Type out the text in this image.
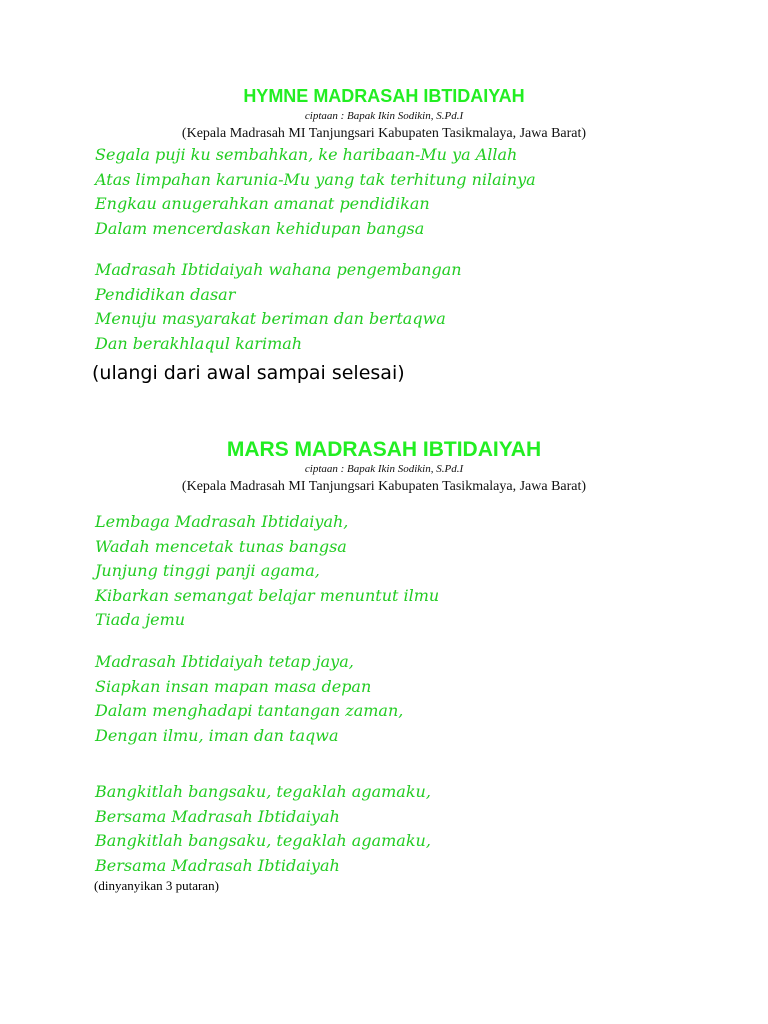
HYMNE MADRASAH IBTIDAIYAH
ciptaan : Bapak Ikin Sodikin, S.Pd.I
(Kepala Madrasah MI Tanjungsari Kabupaten Tasikmalaya, Jawa Barat)
Segala puji ku sembahkan, ke haribaan-Mu ya Allah
Atas limpahan karunia-Mu yang tak terhitung nilainya
Engkau anugerahkan amanat pendidikan
Dalam mencerdaskan kehidupan bangsa
Madrasah Ibtidaiyah wahana pengembangan
Pendidikan dasar
Menuju masyarakat beriman dan bertaqwa
Dan berakhlaqul karimah
(ulangi dari awal sampai selesai)
MARS MADRASAH IBTIDAIYAH
ciptaan : Bapak Ikin Sodikin, S.Pd.I
(Kepala Madrasah MI Tanjungsari Kabupaten Tasikmalaya, Jawa Barat)
Lembaga Madrasah Ibtidaiyah,
Wadah mencetak tunas bangsa
Junjung tinggi panji agama,
Kibarkan semangat belajar menuntut ilmu
Tiada jemu
Madrasah Ibtidaiyah tetap jaya,
Siapkan insan mapan masa depan
Dalam menghadapi tantangan zaman,
Dengan ilmu, iman dan taqwa
Bangkitlah bangsaku, tegaklah agamaku,
Bersama Madrasah Ibtidaiyah
Bangkitlah bangsaku, tegaklah agamaku,
Bersama Madrasah Ibtidaiyah
(dinyanyikan 3 putaran)
